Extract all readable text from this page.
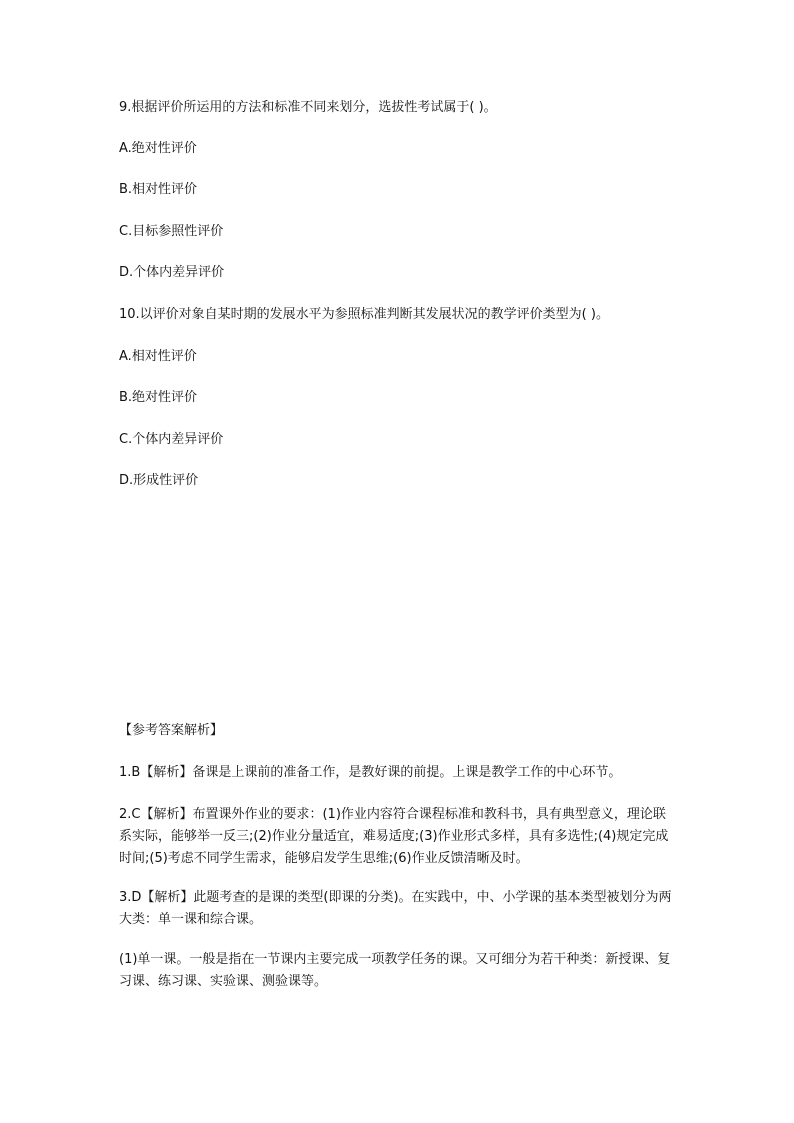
9.根据评价所运用的方法和标准不同来划分，选拔性考试属于( )。
A.绝对性评价
B.相对性评价
C.目标参照性评价
D.个体内差异评价
10.以评价对象自某时期的发展水平为参照标准判断其发展状况的教学评价类型为( )。
A.相对性评价
B.绝对性评价
C.个体内差异评价
D.形成性评价
【参考答案解析】
1.B【解析】备课是上课前的准备工作，是教好课的前提。上课是教学工作的中心环节。
2.C【解析】布置课外作业的要求：(1)作业内容符合课程标准和教科书，具有典型意义，理论联系实际，能够举一反三;(2)作业分量适宜，难易适度;(3)作业形式多样，具有多选性;(4)规定完成时间;(5)考虑不同学生需求，能够启发学生思维;(6)作业反馈清晰及时。
3.D【解析】此题考查的是课的类型(即课的分类)。在实践中，中、小学课的基本类型被划分为两大类：单一课和综合课。
(1)单一课。一般是指在一节课内主要完成一项教学任务的课。又可细分为若干种类：新授课、复习课、练习课、实验课、测验课等。
